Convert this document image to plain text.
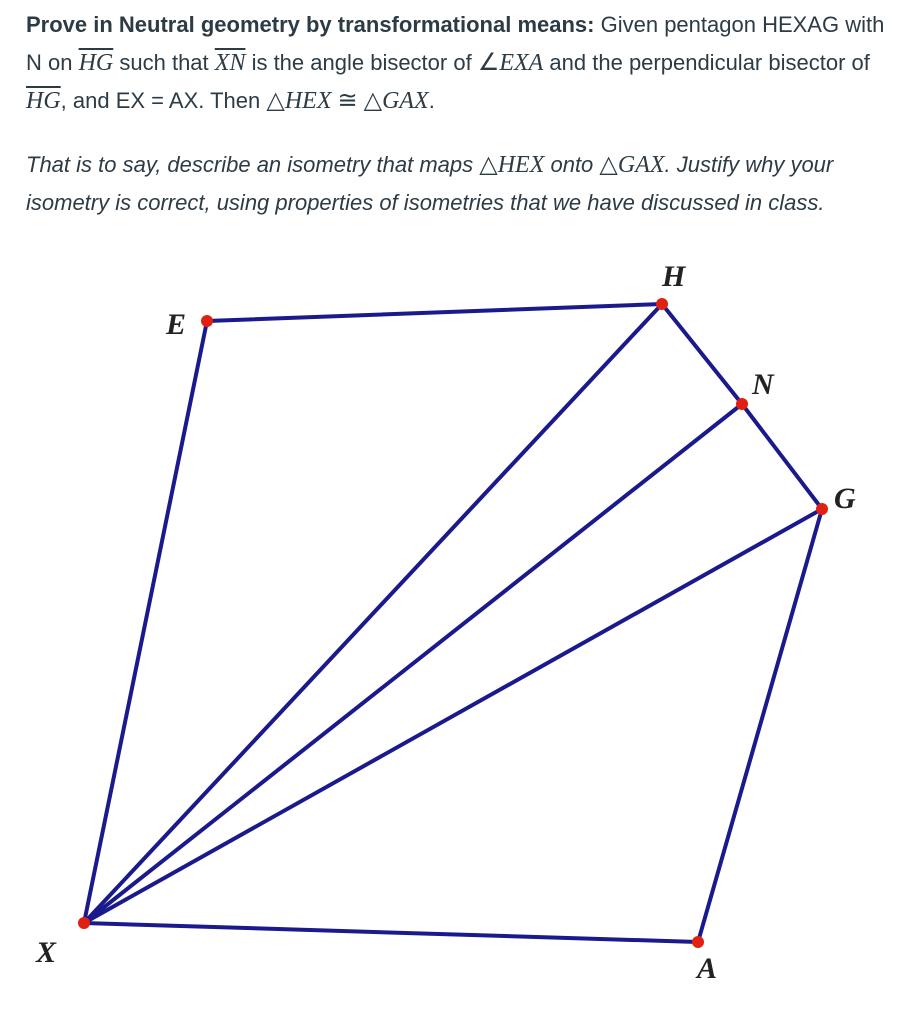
Prove in Neutral geometry by transformational means: Given pentagon HEXAG with N on $\overline{HG}$ such that $\overline{XN}$ is the angle bisector of ∠EXA and the perpendicular bisector of $\overline{HG}$, and EX = AX. Then △HEX ≅ △GAX.
That is to say, describe an isometry that maps △HEX onto △GAX. Justify why your isometry is correct, using properties of isometries that we have discussed in class.
H
E
N
G
X	A
